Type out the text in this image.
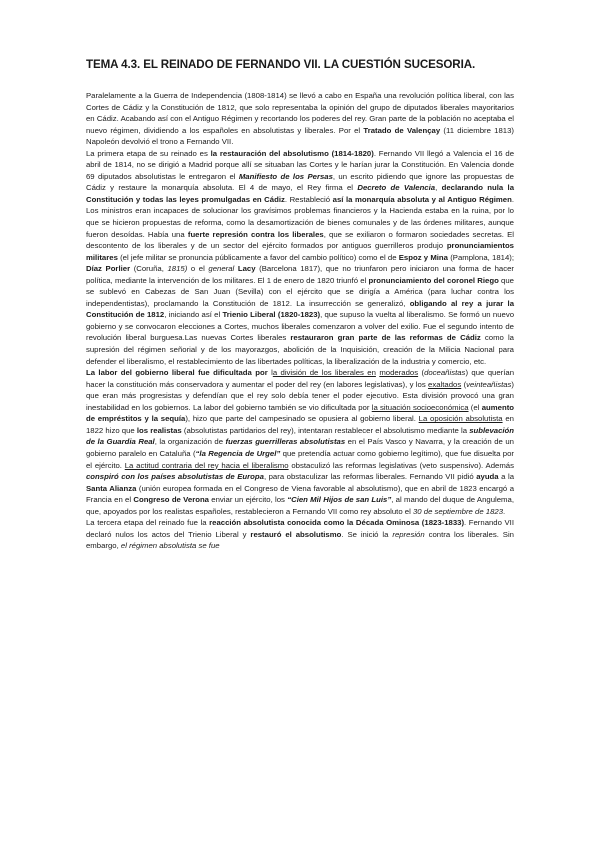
TEMA 4.3. EL REINADO DE FERNANDO VII. LA CUESTIÓN SUCESORIA.

Paralelamente a la Guerra de Independencia (1808-1814) se llevó a cabo en España una revolución política liberal, con las Cortes de Cádiz y la Constitución de 1812, que solo representaba la opinión del grupo de diputados liberales mayoritarios en Cádiz. Acabando así con el Antiguo Régimen y recortando los poderes del rey. Gran parte de la población no aceptaba el nuevo régimen, dividiendo a los españoles en absolutistas y liberales. Por el Tratado de Valençay (11 diciembre 1813) Napoleón devolvió el trono a Fernando VII.

La primera etapa de su reinado es la restauración del absolutismo (1814-1820). Fernando VII llegó a Valencia el 16 de abril de 1814, no se dirigió a Madrid porque allí se situaban las Cortes y le harían jurar la Constitución. En Valencia donde 69 diputados absolutistas le entregaron el Manifiesto de los Persas, un escrito pidiendo que ignore las propuestas de Cádiz y restaure la monarquía absoluta. El 4 de mayo, el Rey firma el Decreto de Valencia, declarando nula la Constitución y todas las leyes promulgadas en Cádiz. Restableció así la monarquía absoluta y al Antiguo Régimen. Los ministros eran incapaces de solucionar los gravísimos problemas financieros y la Hacienda estaba en la ruina, por lo que se hicieron propuestas de reforma, como la desamortización de bienes comunales y de las órdenes militares, aunque fueron desoídas. Había una fuerte represión contra los liberales, que se exiliaron o formaron sociedades secretas. El descontento de los liberales y de un sector del ejército formados por antiguos guerrilleros produjo pronunciamientos militares (el jefe militar se pronuncia públicamente a favor del cambio político) como el de Espoz y Mina (Pamplona, 1814); Díaz Porlier (Coruña, 1815) o el general Lacy (Barcelona 1817), que no triunfaron pero iniciaron una forma de hacer política, mediante la intervención de los militares. El 1 de enero de 1820 triunfó el pronunciamiento del coronel Riego que se sublevó en Cabezas de San Juan (Sevilla) con el ejército que se dirigía a América (para luchar contra los independentistas), proclamando la Constitución de 1812. La insurrección se generalizó, obligando al rey a jurar la Constitución de 1812, iniciando así el Trienio Liberal (1820-1823), que supuso la vuelta al liberalismo. Se formó un nuevo gobierno y se convocaron elecciones a Cortes, muchos liberales comenzaron a volver del exilio. Fue el segundo intento de revolución liberal burguesa.Las nuevas Cortes liberales restauraron gran parte de las reformas de Cádiz como la supresión del régimen señorial y de los mayorazgos, abolición de la Inquisición, creación de la Milicia Nacional para defender el liberalismo, el restablecimiento de las libertades políticas, la liberalización de la industria y comercio, etc.

La labor del gobierno liberal fue dificultada por la división de los liberales en moderados (doceañistas) que querían hacer la constitución más conservadora y aumentar el poder del rey (en labores legislativas), y los exaltados (veinteañistas) que eran más progresistas y defendían que el rey solo debía tener el poder ejecutivo. Esta división provocó una gran inestabilidad en los gobiernos. La labor del gobierno también se vio dificultada por la situación socioeconómica (el aumento de empréstitos y la sequía), hizo que parte del campesinado se opusiera al gobierno liberal. La oposición absolutista en 1822 hizo que los realistas (absolutistas partidarios del rey), intentaran restablecer el absolutismo mediante la sublevación de la Guardia Real, la organización de fuerzas guerrilleras absolutistas en el País Vasco y Navarra, y la creación de un gobierno paralelo en Cataluña (“la Regencia de Urgel” que pretendía actuar como gobierno legítimo), que fue disuelta por el ejército. La actitud contraria del rey hacia el liberalismo obstaculizó las reformas legislativas (veto suspensivo). Además conspiró con los países absolutistas de Europa, para obstaculizar las reformas liberales. Fernando VII pidió ayuda a la Santa Alianza (unión europea formada en el Congreso de Viena favorable al absolutismo), que en abril de 1823 encargó a Francia en el Congreso de Verona enviar un ejército, los “Cien Mil Hijos de san Luis”, al mando del duque de Angulema, que, apoyados por los realistas españoles, restablecieron a Fernando VII como rey absoluto el 30 de septiembre de 1823.

La tercera etapa del reinado fue la reacción absolutista conocida como la Década Ominosa (1823-1833). Fernando VII declaró nulos los actos del Trienio Liberal y restauró el absolutismo. Se inició la represión contra los liberales. Sin embargo, el régimen absolutista se fue
